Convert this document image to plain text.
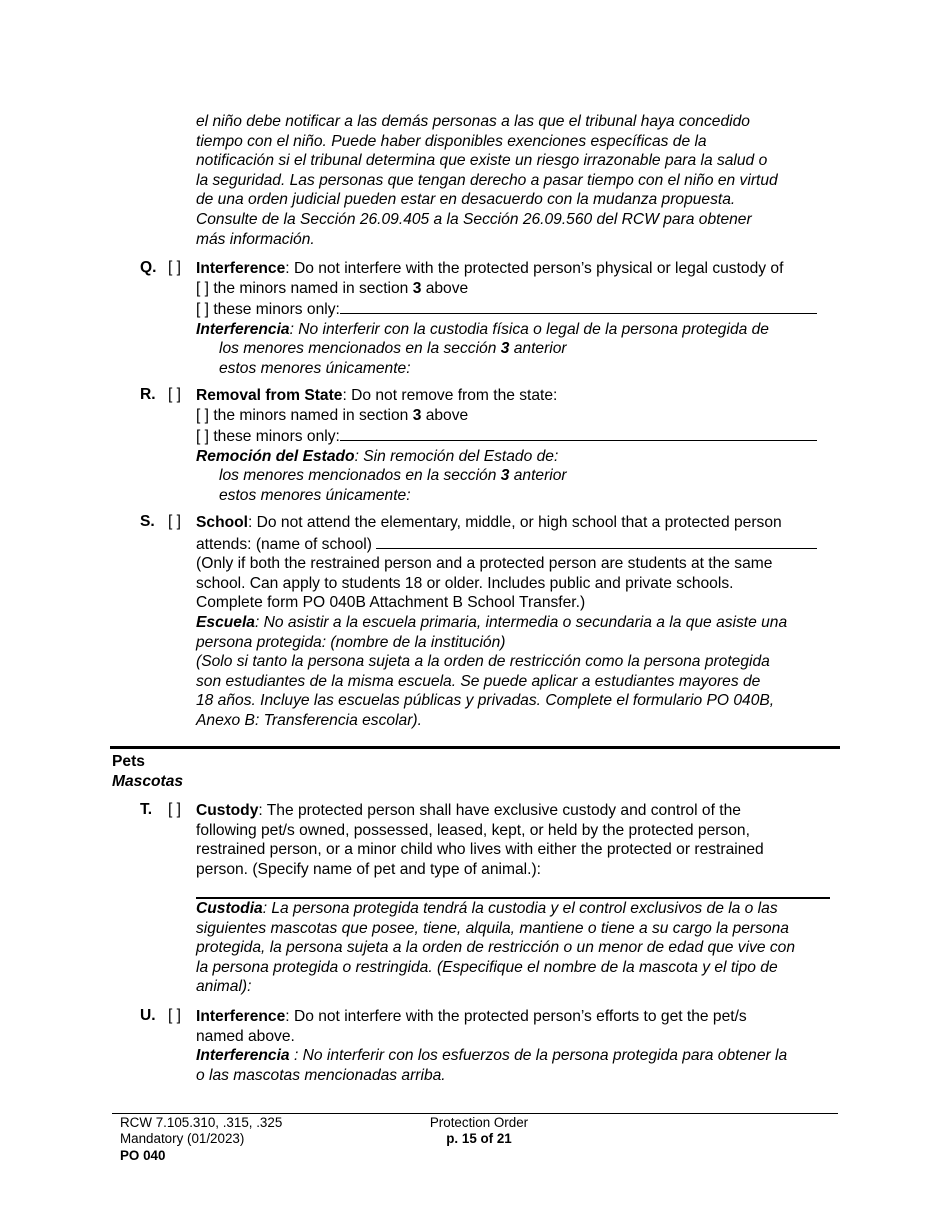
el niño debe notificar a las demás personas a las que el tribunal haya concedido
tiempo con el niño. Puede haber disponibles exenciones específicas de la
notificación si el tribunal determina que existe un riesgo irrazonable para la salud o
la seguridad. Las personas que tengan derecho a pasar tiempo con el niño en virtud
de una orden judicial pueden estar en desacuerdo con la mudanza propuesta.
Consulte de la Sección 26.09.405 a la Sección 26.09.560 del RCW para obtener
más información.
Q. [ ] Interference: Do not interfere with the protected person’s physical or legal custody of
[ ] the minors named in section 3 above
[ ] these minors only:
Interferencia: No interferir con la custodia física o legal de la persona protegida de
los menores mencionados en la sección 3 anterior
estos menores únicamente:
R. [ ] Removal from State: Do not remove from the state:
[ ] the minors named in section 3 above
[ ] these minors only:
Remoción del Estado: Sin remoción del Estado de:
los menores mencionados en la sección 3 anterior
estos menores únicamente:
S. [ ] School: Do not attend the elementary, middle, or high school that a protected person
attends: (name of school)
(Only if both the restrained person and a protected person are students at the same
school. Can apply to students 18 or older. Includes public and private schools.
Complete form PO 040B Attachment B School Transfer.)
Escuela: No asistir a la escuela primaria, intermedia o secundaria a la que asiste una
persona protegida: (nombre de la institución)
(Solo si tanto la persona sujeta a la orden de restricción como la persona protegida
son estudiantes de la misma escuela. Se puede aplicar a estudiantes mayores de
18 años. Incluye las escuelas públicas y privadas. Complete el formulario PO 040B,
Anexo B: Transferencia escolar).
Pets
Mascotas
T. [ ] Custody: The protected person shall have exclusive custody and control of the
following pet/s owned, possessed, leased, kept, or held by the protected person,
restrained person, or a minor child who lives with either the protected or restrained
person. (Specify name of pet and type of animal.):
Custodia: La persona protegida tendrá la custodia y el control exclusivos de la o las
siguientes mascotas que posee, tiene, alquila, mantiene o tiene a su cargo la persona
protegida, la persona sujeta a la orden de restricción o un menor de edad que vive con
la persona protegida o restringida. (Especifique el nombre de la mascota y el tipo de
animal):
U. [ ] Interference: Do not interfere with the protected person’s efforts to get the pet/s
named above.
Interferencia : No interferir con los esfuerzos de la persona protegida para obtener la
o las mascotas mencionadas arriba.
RCW 7.105.310, .315, .325
Mandatory (01/2023)
PO 040
Protection Order
p. 15 of 21
